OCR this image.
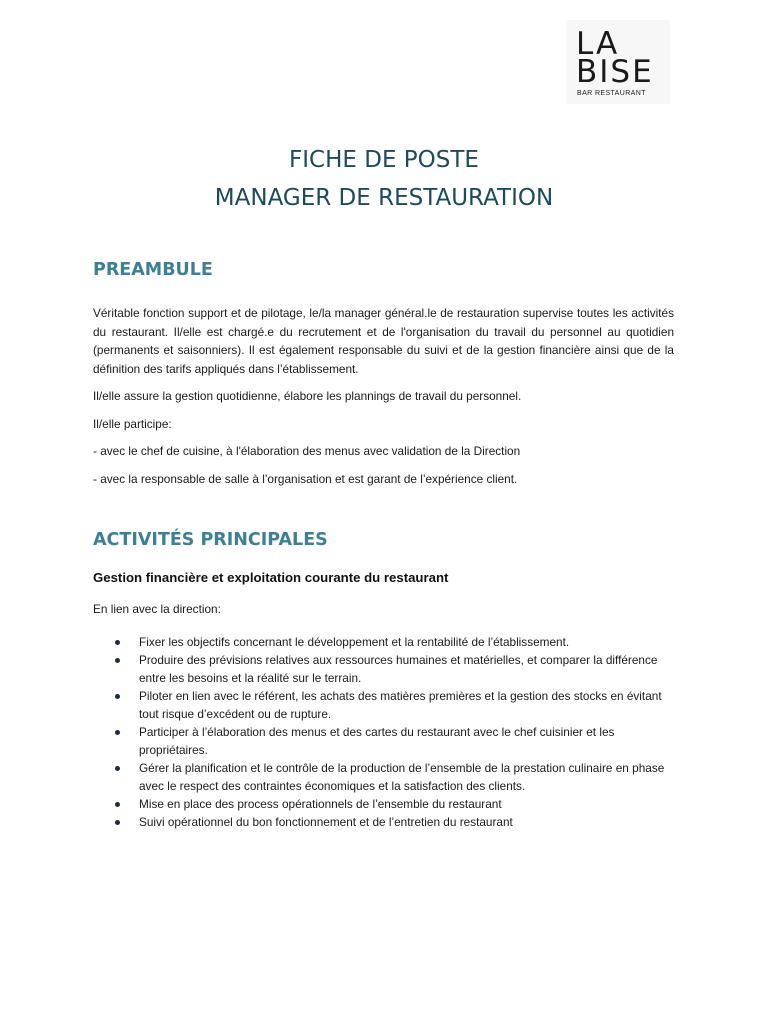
LA
BISE
BAR RESTAURANT
FICHE DE POSTE
MANAGER DE RESTAURATION
PREAMBULE
Véritable fonction support et de pilotage, le/la manager général.le de restauration supervise toutes les activités du restaurant. Il/elle est chargé.e du recrutement et de l'organisation du travail du personnel au quotidien (permanents et saisonniers). Il est également responsable du suivi et de la gestion financière ainsi que de la définition des tarifs appliqués dans l’établissement.
Il/elle assure la gestion quotidienne, élabore les plannings de travail du personnel.
Il/elle participe:
- avec le chef de cuisine, à l'élaboration des menus avec validation de la Direction
- avec la responsable de salle à l’organisation et est garant de l’expérience client.
ACTIVITÉS PRINCIPALES
Gestion financière et exploitation courante du restaurant
En lien avec la direction:
Fixer les objectifs concernant le développement et la rentabilité de l’établissement.
Produire des prévisions relatives aux ressources humaines et matérielles, et comparer la différence entre les besoins et la réalité sur le terrain.
Piloter en lien avec le référent, les achats des matières premières et la gestion des stocks en évitant tout risque d’excédent ou de rupture.
Participer à l’élaboration des menus et des cartes du restaurant avec le chef cuisinier et les propriétaires.
Gérer la planification et le contrôle de la production de l’ensemble de la prestation culinaire en phase avec le respect des contraintes économiques et la satisfaction des clients.
Mise en place des process opérationnels de l’ensemble du restaurant
Suivi opérationnel du bon fonctionnement et de l’entretien du restaurant
